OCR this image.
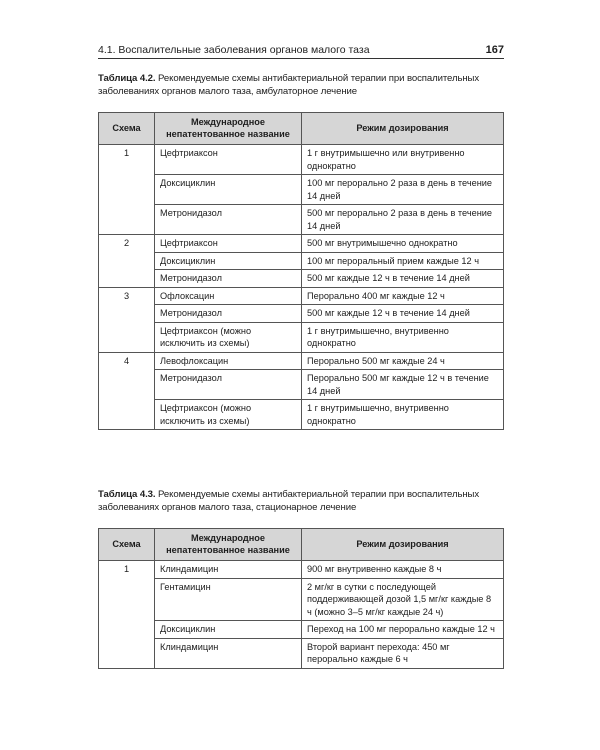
4.1. Воспалительные заболевания органов малого таза	167
Таблица 4.2. Рекомендуемые схемы антибактериальной терапии при воспалительных заболеваниях органов малого таза, амбулаторное лечение
Схема	Международное непатентованное название	Режим дозирования
1	Цефтриаксон	1 г внутримышечно или внутривенно однократно
	Доксициклин	100 мг перорально 2 раза в день в течение 14 дней
	Метронидазол	500 мг перорально 2 раза в день в течение 14 дней
2	Цефтриаксон	500 мг внутримышечно однократно
	Доксициклин	100 мг пероральный прием каждые 12 ч
	Метронидазол	500 мг каждые 12 ч в течение 14 дней
3	Офлоксацин	Перорально 400 мг каждые 12 ч
	Метронидазол	500 мг каждые 12 ч в течение 14 дней
	Цефтриаксон (можно исключить из схемы)	1 г внутримышечно, внутривенно однократно
4	Левофлоксацин	Перорально 500 мг каждые 24 ч
	Метронидазол	Перорально 500 мг каждые 12 ч в течение 14 дней
	Цефтриаксон (можно исключить из схемы)	1 г внутримышечно, внутривенно однократно
Таблица 4.3. Рекомендуемые схемы антибактериальной терапии при воспалительных заболеваниях органов малого таза, стационарное лечение
Схема	Международное непатентованное название	Режим дозирования
1	Клиндамицин	900 мг внутривенно каждые 8 ч
	Гентамицин	2 мг/кг в сутки с последующей поддерживающей дозой 1,5 мг/кг каждые 8 ч (можно 3–5 мг/кг каждые 24 ч)
	Доксициклин	Переход на 100 мг перорально каждые 12 ч
	Клиндамицин	Второй вариант перехода: 450 мг перорально каждые 6 ч
